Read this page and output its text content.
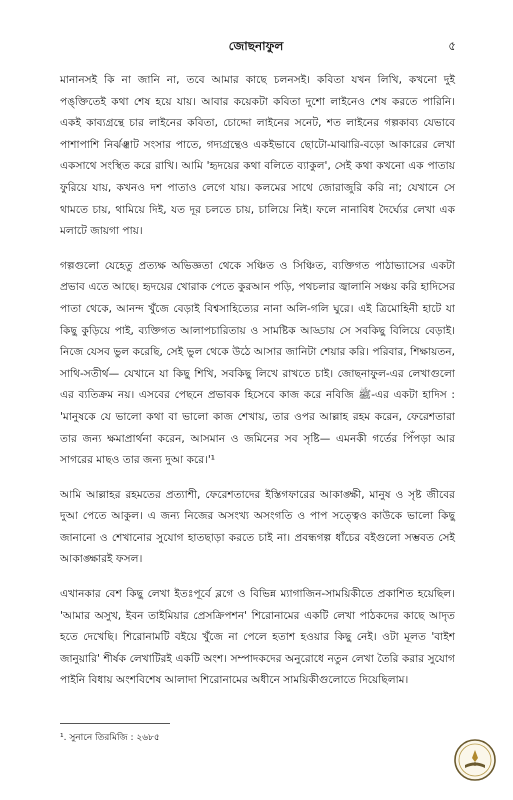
জোছনাফুল	৫

মানানসই কি না জানি না, তবে আমার কাছে চলনসই। কবিতা যখন লিখি, কখনো দুই পঙ্‌ক্তিতেই কথা শেষ হয়ে যায়। আবার কয়েকটা কবিতা দুশো লাইনেও শেষ করতে পারিনি। একই কাব্যগ্রন্থে চার লাইনের কবিতা, চোদ্দো লাইনের সনেট, শত লাইনের গল্পকাব্য যেভাবে পাশাপাশি নির্ঝঞ্ঝাট সংসার পাতে, গদ্যগ্রন্থেও একইভাবে ছোটো-মাঝারি-বড়ো আকারের লেখা একসাথে সংস্থিত করে রাখি। আমি 'হৃদয়ের কথা বলিতে ব্যাকুল', সেই কথা কখনো এক পাতায় ফুরিয়ে যায়, কখনও দশ পাতাও লেগে যায়। কলমের সাথে জোরাজুরি করি না; যেখানে সে থামতে চায়, থামিয়ে দিই, যত দূর চলতে চায়, চালিয়ে নিই। ফলে নানাবিধ দৈর্ঘ্যের লেখা এক মলাটে জায়গা পায়।

গল্পগুলো যেহেতু প্রত্যক্ষ অভিজ্ঞতা থেকে সঞ্চিত ও সিঞ্চিত, ব্যক্তিগত পাঠাভ্যাসের একটা প্রভাব এতে আছে। হৃদয়ের খোরাক পেতে কুরআন পড়ি, পথচলার জ্বালানি সঞ্চয় করি হাদিসের পাতা থেকে, আনন্দ খুঁজে বেড়াই বিশ্বসাহিত্যের নানা অলি-গলি ঘুরে। এই ত্রিমোহিনী হাটে যা কিছু কুড়িয়ে পাই, ব্যক্তিগত আলাপচারিতায় ও সামষ্টিক আড্ডায় সে সবকিছু বিলিয়ে বেড়াই। নিজে যেসব ভুল করেছি, সেই ভুল থেকে উঠে আসার জানিটা শেয়ার করি। পরিবার, শিক্ষায়তন, সাথি-সতীর্থ— যেখানে যা কিছু শিখি, সবকিছু লিখে রাখতে চাই। জোছনাফুল-এর লেখাগুলো এর ব্যতিক্রম নয়। এসবের পেছনে প্রভাবক হিসেবে কাজ করে নবিজি ﷺ-এর একটা হাদিস : 'মানুষকে যে ভালো কথা বা ভালো কাজ শেখায়, তার ওপর আল্লাহ রহম করেন, ফেরেশতারা তার জন্য ক্ষমাপ্রার্থনা করেন, আসমান ও জমিনের সব সৃষ্টি— এমনকী গর্তের পিঁপড়া আর সাগরের মাছও তার জন্য দুআ করে।'¹

আমি আল্লাহর রহমতের প্রত্যাশী, ফেরেশতাদের ইস্তিগফারের আকাঙ্ক্ষী, মানুষ ও সৃষ্ট জীবের দুআ পেতে আকুল। এ জন্য নিজের অসংখ্য অসংগতি ও পাপ সত্ত্বেও কাউকে ভালো কিছু জানানো ও শেখানোর সুযোগ হাতছাড়া করতে চাই না। প্রবন্ধগল্প ধাঁচের বইগুলো সম্ভবত সেই আকাঙ্ক্ষারই ফসল।

এখানকার বেশ কিছু লেখা ইতঃপূর্বে ব্লগে ও বিভিন্ন ম্যাগাজিন-সাময়িকীতে প্রকাশিত হয়েছিল। 'আমার অসুখ, ইবন তাইমিয়ার প্রেসক্রিপশন' শিরোনামের একটি লেখা পাঠকদের কাছে আদৃত হতে দেখেছি। শিরোনামটি বইয়ে খুঁজে না পেলে হতাশ হওয়ার কিছু নেই। ওটা মূলত 'বাইশ জানুয়ারি' শীর্ষক লেখাটিরই একটি অংশ। সম্পাদকদের অনুরোধে নতুন লেখা তৈরি করার সুযোগ পাইনি বিধায় অংশবিশেষ আলাদা শিরোনামের অধীনে সাময়িকীগুলোতে দিয়েছিলাম।

¹. সুনানে তিরমিজি : ২৬৮৫
